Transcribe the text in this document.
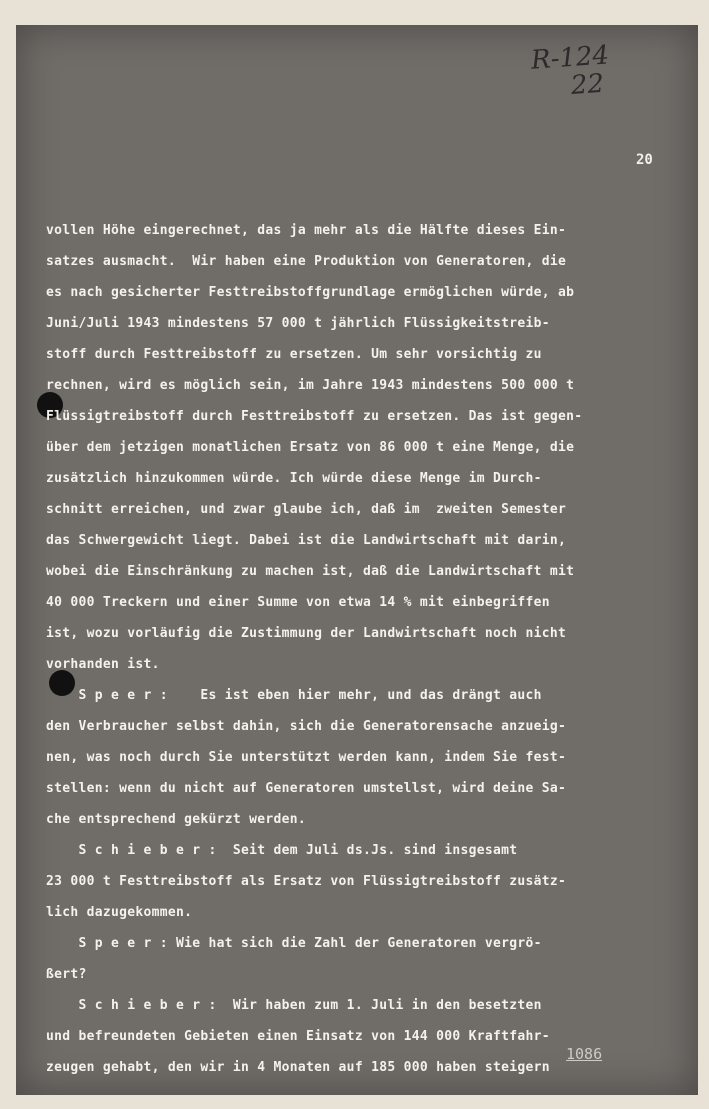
R-124
22
20
vollen Höhe eingerechnet, das ja mehr als die Hälfte dieses Ein-
satzes ausmacht.  Wir haben eine Produktion von Generatoren, die
es nach gesicherter Festtreibstoffgrundlage ermöglichen würde, ab
Juni/Juli 1943 mindestens 57 000 t jährlich Flüssigkeitstreib-
stoff durch Festtreibstoff zu ersetzen. Um sehr vorsichtig zu
rechnen, wird es möglich sein, im Jahre 1943 mindestens 500 000 t
Flüssigtreibstoff durch Festtreibstoff zu ersetzen. Das ist gegen-
über dem jetzigen monatlichen Ersatz von 86 000 t eine Menge, die
zusätzlich hinzukommen würde. Ich würde diese Menge im Durch-
schnitt erreichen, und zwar glaube ich, daß im  zweiten Semester
das Schwergewicht liegt. Dabei ist die Landwirtschaft mit darin,
wobei die Einschränkung zu machen ist, daß die Landwirtschaft mit
40 000 Treckern und einer Summe von etwa 14 % mit einbegriffen
ist, wozu vorläufig die Zustimmung der Landwirtschaft noch nicht
vorhanden ist.
S p e e r :    Es ist eben hier mehr, und das drängt auch
den Verbraucher selbst dahin, sich die Generatorensache anzueig-
nen, was noch durch Sie unterstützt werden kann, indem Sie fest-
stellen: wenn du nicht auf Generatoren umstellst, wird deine Sa-
che entsprechend gekürzt werden.
S c h i e b e r :  Seit dem Juli ds.Js. sind insgesamt
23 000 t Festtreibstoff als Ersatz von Flüssigtreibstoff zusätz-
lich dazugekommen.
S p e e r : Wie hat sich die Zahl der Generatoren vergrö-
ßert?
S c h i e b e r :  Wir haben zum 1. Juli in den besetzten
und befreundeten Gebieten einen Einsatz von 144 000 Kraftfahr-
zeugen gehabt, den wir in 4 Monaten auf 185 000 haben steigern
1086
